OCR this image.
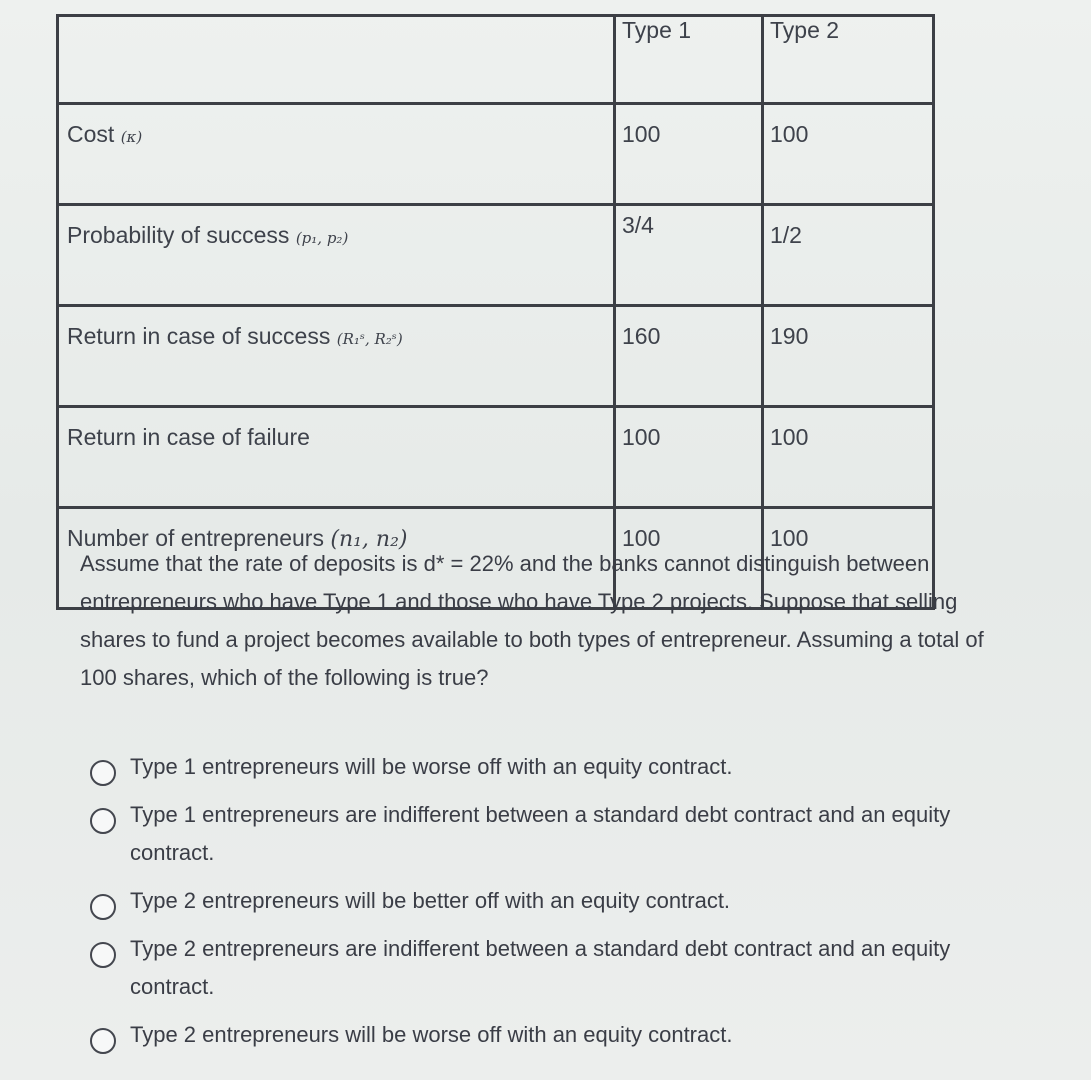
	Type 1	Type 2
Cost (κ)	100	100
Probability of success (p₁, p₂)	3/4	1/2
Return in case of success (R₁ˢ, R₂ˢ)	160	190
Return in case of failure	100	100
Number of entrepreneurs (n₁, n₂)	100	100
Assume that the rate of deposits is d* = 22% and the banks cannot distinguish between entrepreneurs who have Type 1 and those who have Type 2 projects. Suppose that selling shares to fund a project becomes available to both types of entrepreneur. Assuming a total of 100 shares, which of the following is true?
Type 1 entrepreneurs will be worse off with an equity contract.
Type 1 entrepreneurs are indifferent between a standard debt contract and an equity contract.
Type 2 entrepreneurs will be better off with an equity contract.
Type 2 entrepreneurs are indifferent between a standard debt contract and an equity contract.
Type 2 entrepreneurs will be worse off with an equity contract.
